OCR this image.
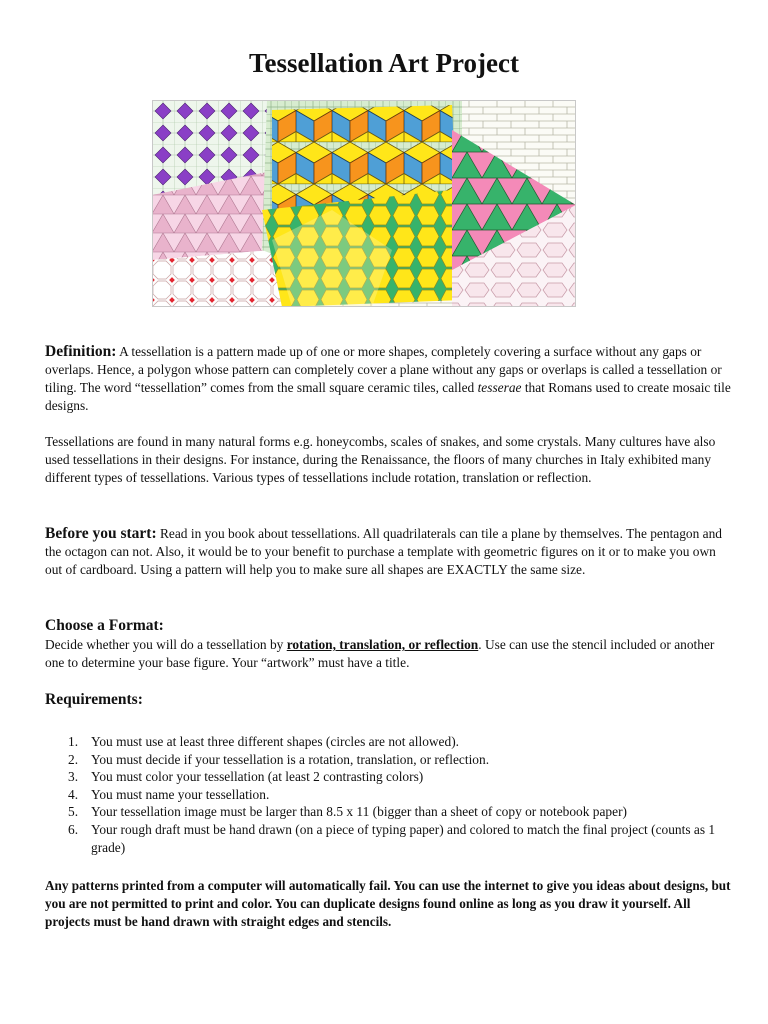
Tessellation Art Project

Definition: A tessellation is a pattern made up of one or more shapes, completely covering a surface without any gaps or overlaps. Hence, a polygon whose pattern can completely cover a plane without any gaps or overlaps is called a tessellation or tiling. The word “tessellation” comes from the small square ceramic tiles, called tesserae that Romans used to create mosaic tile designs.

Tessellations are found in many natural forms e.g. honeycombs, scales of snakes, and some crystals. Many cultures have also used tessellations in their designs. For instance, during the Renaissance, the floors of many churches in Italy exhibited many different types of tessellations. Various types of tessellations include rotation, translation or reflection.

Before you start: Read in you book about tessellations. All quadrilaterals can tile a plane by themselves. The pentagon and the octagon can not. Also, it would be to your benefit to purchase a template with geometric figures on it or to make you own out of cardboard. Using a pattern will help you to make sure all shapes are EXACTLY the same size.

Choose a Format:

Decide whether you will do a tessellation by rotation, translation, or reflection. Use can use the stencil included or another one to determine your base figure. Your “artwork” must have a title.

Requirements:
1. You must use at least three different shapes (circles are not allowed).
2. You must decide if your tessellation is a rotation, translation, or reflection.
3. You must color your tessellation (at least 2 contrasting colors)
4. You must name your tessellation.
5. Your tessellation image must be larger than 8.5 x 11 (bigger than a sheet of copy or notebook paper)
6. Your rough draft must be hand drawn (on a piece of typing paper) and colored to match the final project (counts as 1 grade)

Any patterns printed from a computer will automatically fail. You can use the internet to give you ideas about designs, but you are not permitted to print and color. You can duplicate designs found online as long as you draw it yourself. All projects must be hand drawn with straight edges and stencils.
